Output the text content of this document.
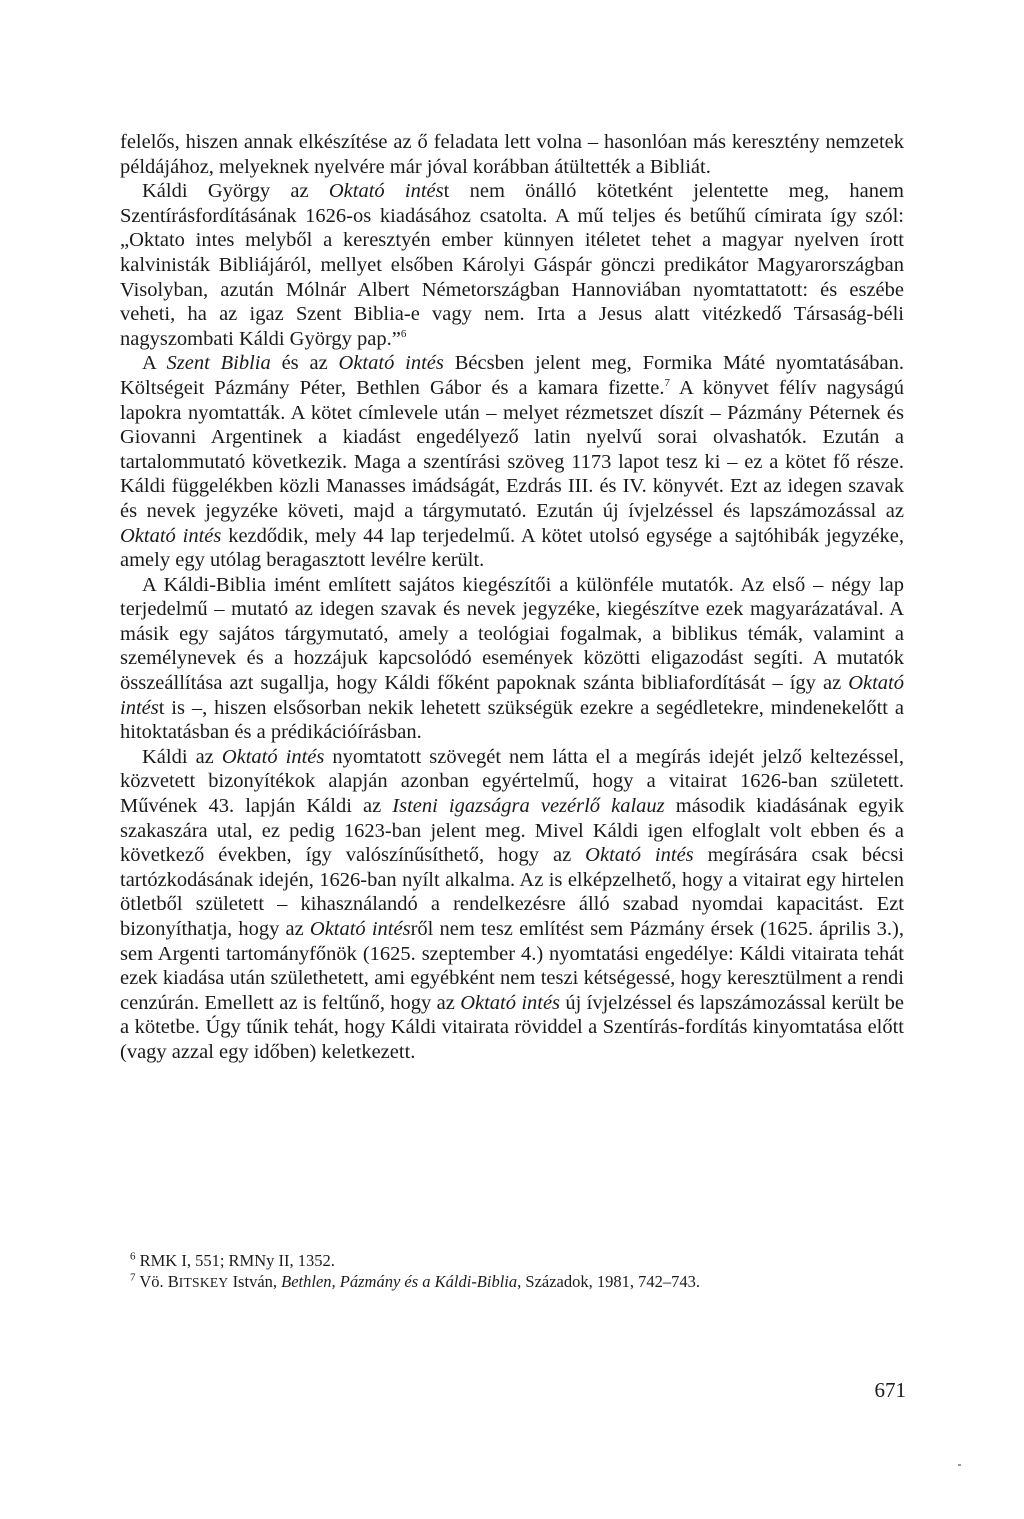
felelős, hiszen annak elkészítése az ő feladata lett volna – hasonlóan más keresztény nemzetek példájához, melyeknek nyelvére már jóval korábban átültették a Bibliát.

Káldi György az Oktató intést nem önálló kötetként jelentette meg, hanem Szentírásfordításának 1626-os kiadásához csatolta. A mű teljes és betűhű címirata így szól: „Oktato intes melyből a keresztyén ember künnyen itéletet tehet a magyar nyelven írott kalvinisták Bibliájáról, mellyet elsőben Károlyi Gáspár gönczi predikátor Magyarországban Visolyban, azután Mólnár Albert Németországban Hannoviában nyomtattatott: és eszébe veheti, ha az igaz Szent Biblia-e vagy nem. Irta a Jesus alatt vitézkedő Társaság-béli nagyszombati Káldi György pap.”$^6$

A Szent Biblia és az Oktató intés Bécsben jelent meg, Formika Máté nyomtatásában. Költségeit Pázmány Péter, Bethlen Gábor és a kamara fizette.$^7$ A könyvet félív nagyságú lapokra nyomtatták. A kötet címlevele után – melyet rézmetszet díszít – Pázmány Péternek és Giovanni Argentinek a kiadást engedélyező latin nyelvű sorai olvashatók. Ezután a tartalommutató következik. Maga a szentírási szöveg 1173 lapot tesz ki – ez a kötet fő része. Káldi függelékben közli Manasses imádságát, Ezdrás III. és IV. könyvét. Ezt az idegen szavak és nevek jegyzéke követi, majd a tárgymutató. Ezután új ívjelzéssel és lapszámozással az Oktató intés kezdődik, mely 44 lap terjedelmű. A kötet utolsó egysége a sajtóhibák jegyzéke, amely egy utólag beragasztott levélre került.

A Káldi-Biblia imént említett sajátos kiegészítői a különféle mutatók. Az első – négy lap terjedelmű – mutató az idegen szavak és nevek jegyzéke, kiegészítve ezek magyarázatával. A másik egy sajátos tárgymutató, amely a teológiai fogalmak, a biblikus témák, valamint a személynevek és a hozzájuk kapcsolódó események közötti eligazodást segíti. A mutatók összeállítása azt sugallja, hogy Káldi főként papoknak szánta bibliafordítását – így az Oktató intést is –, hiszen elsősorban nekik lehetett szükségük ezekre a segédletekre, mindenekelőtt a hitoktatásban és a prédikációírásban.

Káldi az Oktató intés nyomtatott szövegét nem látta el a megírás idejét jelző keltezéssel, közvetett bizonyítékok alapján azonban egyértelmű, hogy a vitairat 1626-ban született. Művének 43. lapján Káldi az Isteni igazságra vezérlő kalauz második kiadásának egyik szakaszára utal, ez pedig 1623-ban jelent meg. Mivel Káldi igen elfoglalt volt ebben és a következő években, így valószínűsíthető, hogy az Oktató intés megírására csak bécsi tartózkodásának idején, 1626-ban nyílt alkalma. Az is elképzelhető, hogy a vitairat egy hirtelen ötletből született – kihasználandó a rendelkezésre álló szabad nyomdai kapacitást. Ezt bizonyíthatja, hogy az Oktató intésről nem tesz említést sem Pázmány érsek (1625. április 3.), sem Argenti tartományfőnök (1625. szeptember 4.) nyomtatási engedélye: Káldi vitairata tehát ezek kiadása után születhetett, ami egyébként nem teszi kétségessé, hogy keresztülment a rendi cenzúrán. Emellett az is feltűnő, hogy az Oktató intés új ívjelzéssel és lapszámozással került be a kötetbe. Úgy tűnik tehát, hogy Káldi vitairata röviddel a Szentírás-fordítás kinyomtatása előtt (vagy azzal egy időben) keletkezett.

$^6$ RMK I, 551; RMNy II, 1352.
$^7$ Vö. BITSKEY István, Bethlen, Pázmány és a Káldi-Biblia, Századok, 1981, 742–743.
671
